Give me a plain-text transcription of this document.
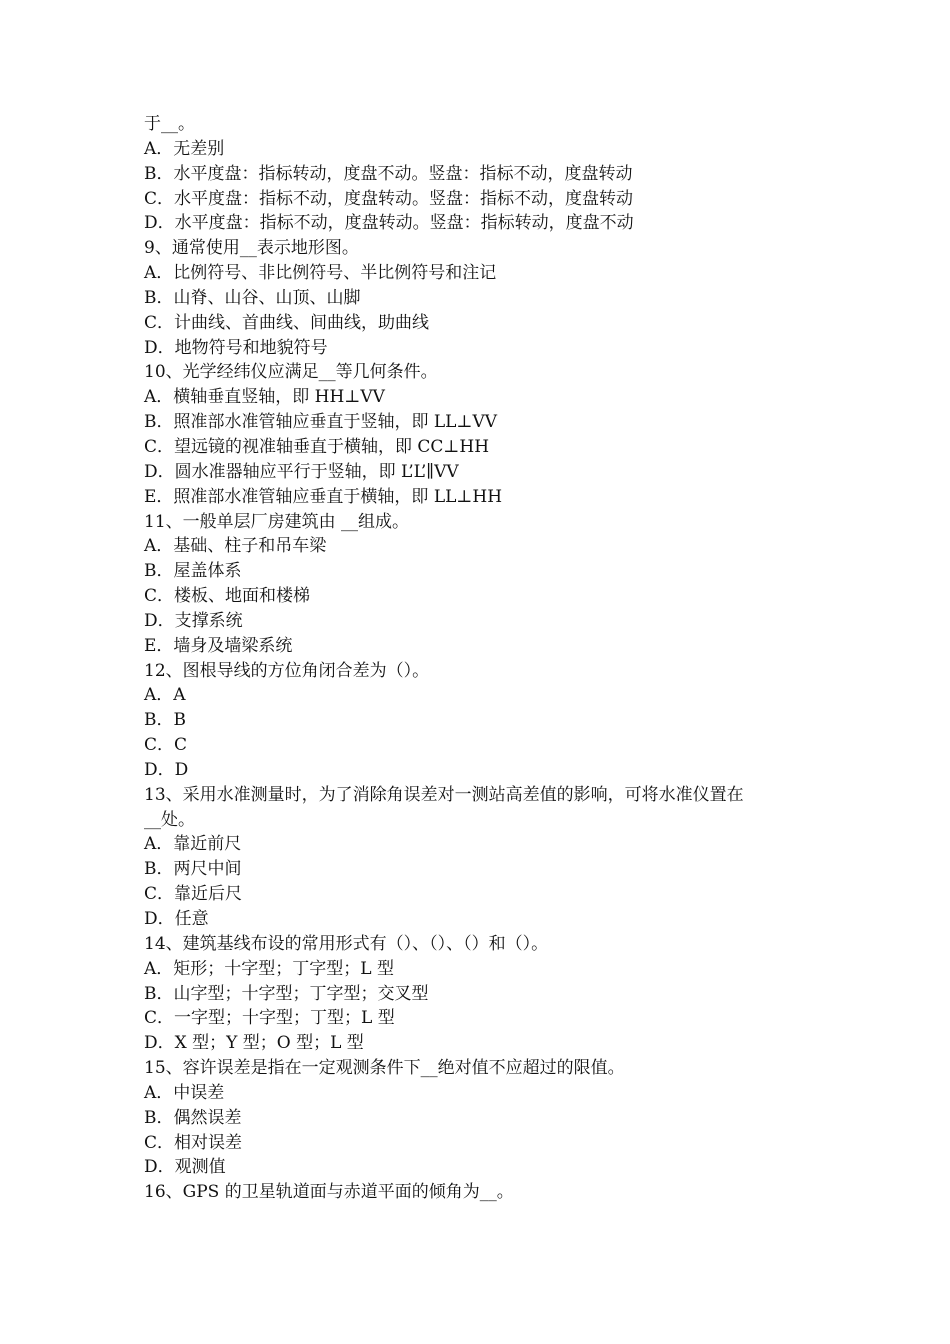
于__。
A．无差别
B．水平度盘：指标转动，度盘不动。竖盘：指标不动，度盘转动
C．水平度盘：指标不动，度盘转动。竖盘：指标不动，度盘转动
D．水平度盘：指标不动，度盘转动。竖盘：指标转动，度盘不动
9、通常使用__表示地形图。
A．比例符号、非比例符号、半比例符号和注记
B．山脊、山谷、山顶、山脚
C．计曲线、首曲线、间曲线，助曲线
D．地物符号和地貌符号
10、光学经纬仪应满足__等几何条件。
A．横轴垂直竖轴，即 HH⊥VV
B．照准部水准管轴应垂直于竖轴，即 LL⊥VV
C．望远镜的视准轴垂直于横轴，即 CC⊥HH
D．圆水准器轴应平行于竖轴，即 L’L’∥VV
E．照准部水准管轴应垂直于横轴，即 LL⊥HH
11、一般单层厂房建筑由 __组成。
A．基础、柱子和吊车梁
B．屋盖体系
C．楼板、地面和楼梯
D．支撑系统
E．墙身及墙梁系统
12、图根导线的方位角闭合差为（）。
A．A
B．B
C．C
D．D
13、采用水准测量时，为了消除角误差对一测站高差值的影响，可将水准仪置在
__处。
A．靠近前尺
B．两尺中间
C．靠近后尺
D．任意
14、建筑基线布设的常用形式有（）、（）、（）和（）。
A．矩形；十字型；丁字型；L 型
B．山字型；十字型；丁字型；交叉型
C．一字型；十字型；丁型；L 型
D．X 型；Y 型；O 型；L 型
15、容许误差是指在一定观测条件下__绝对值不应超过的限值。
A．中误差
B．偶然误差
C．相对误差
D．观测值
16、GPS 的卫星轨道面与赤道平面的倾角为__。
